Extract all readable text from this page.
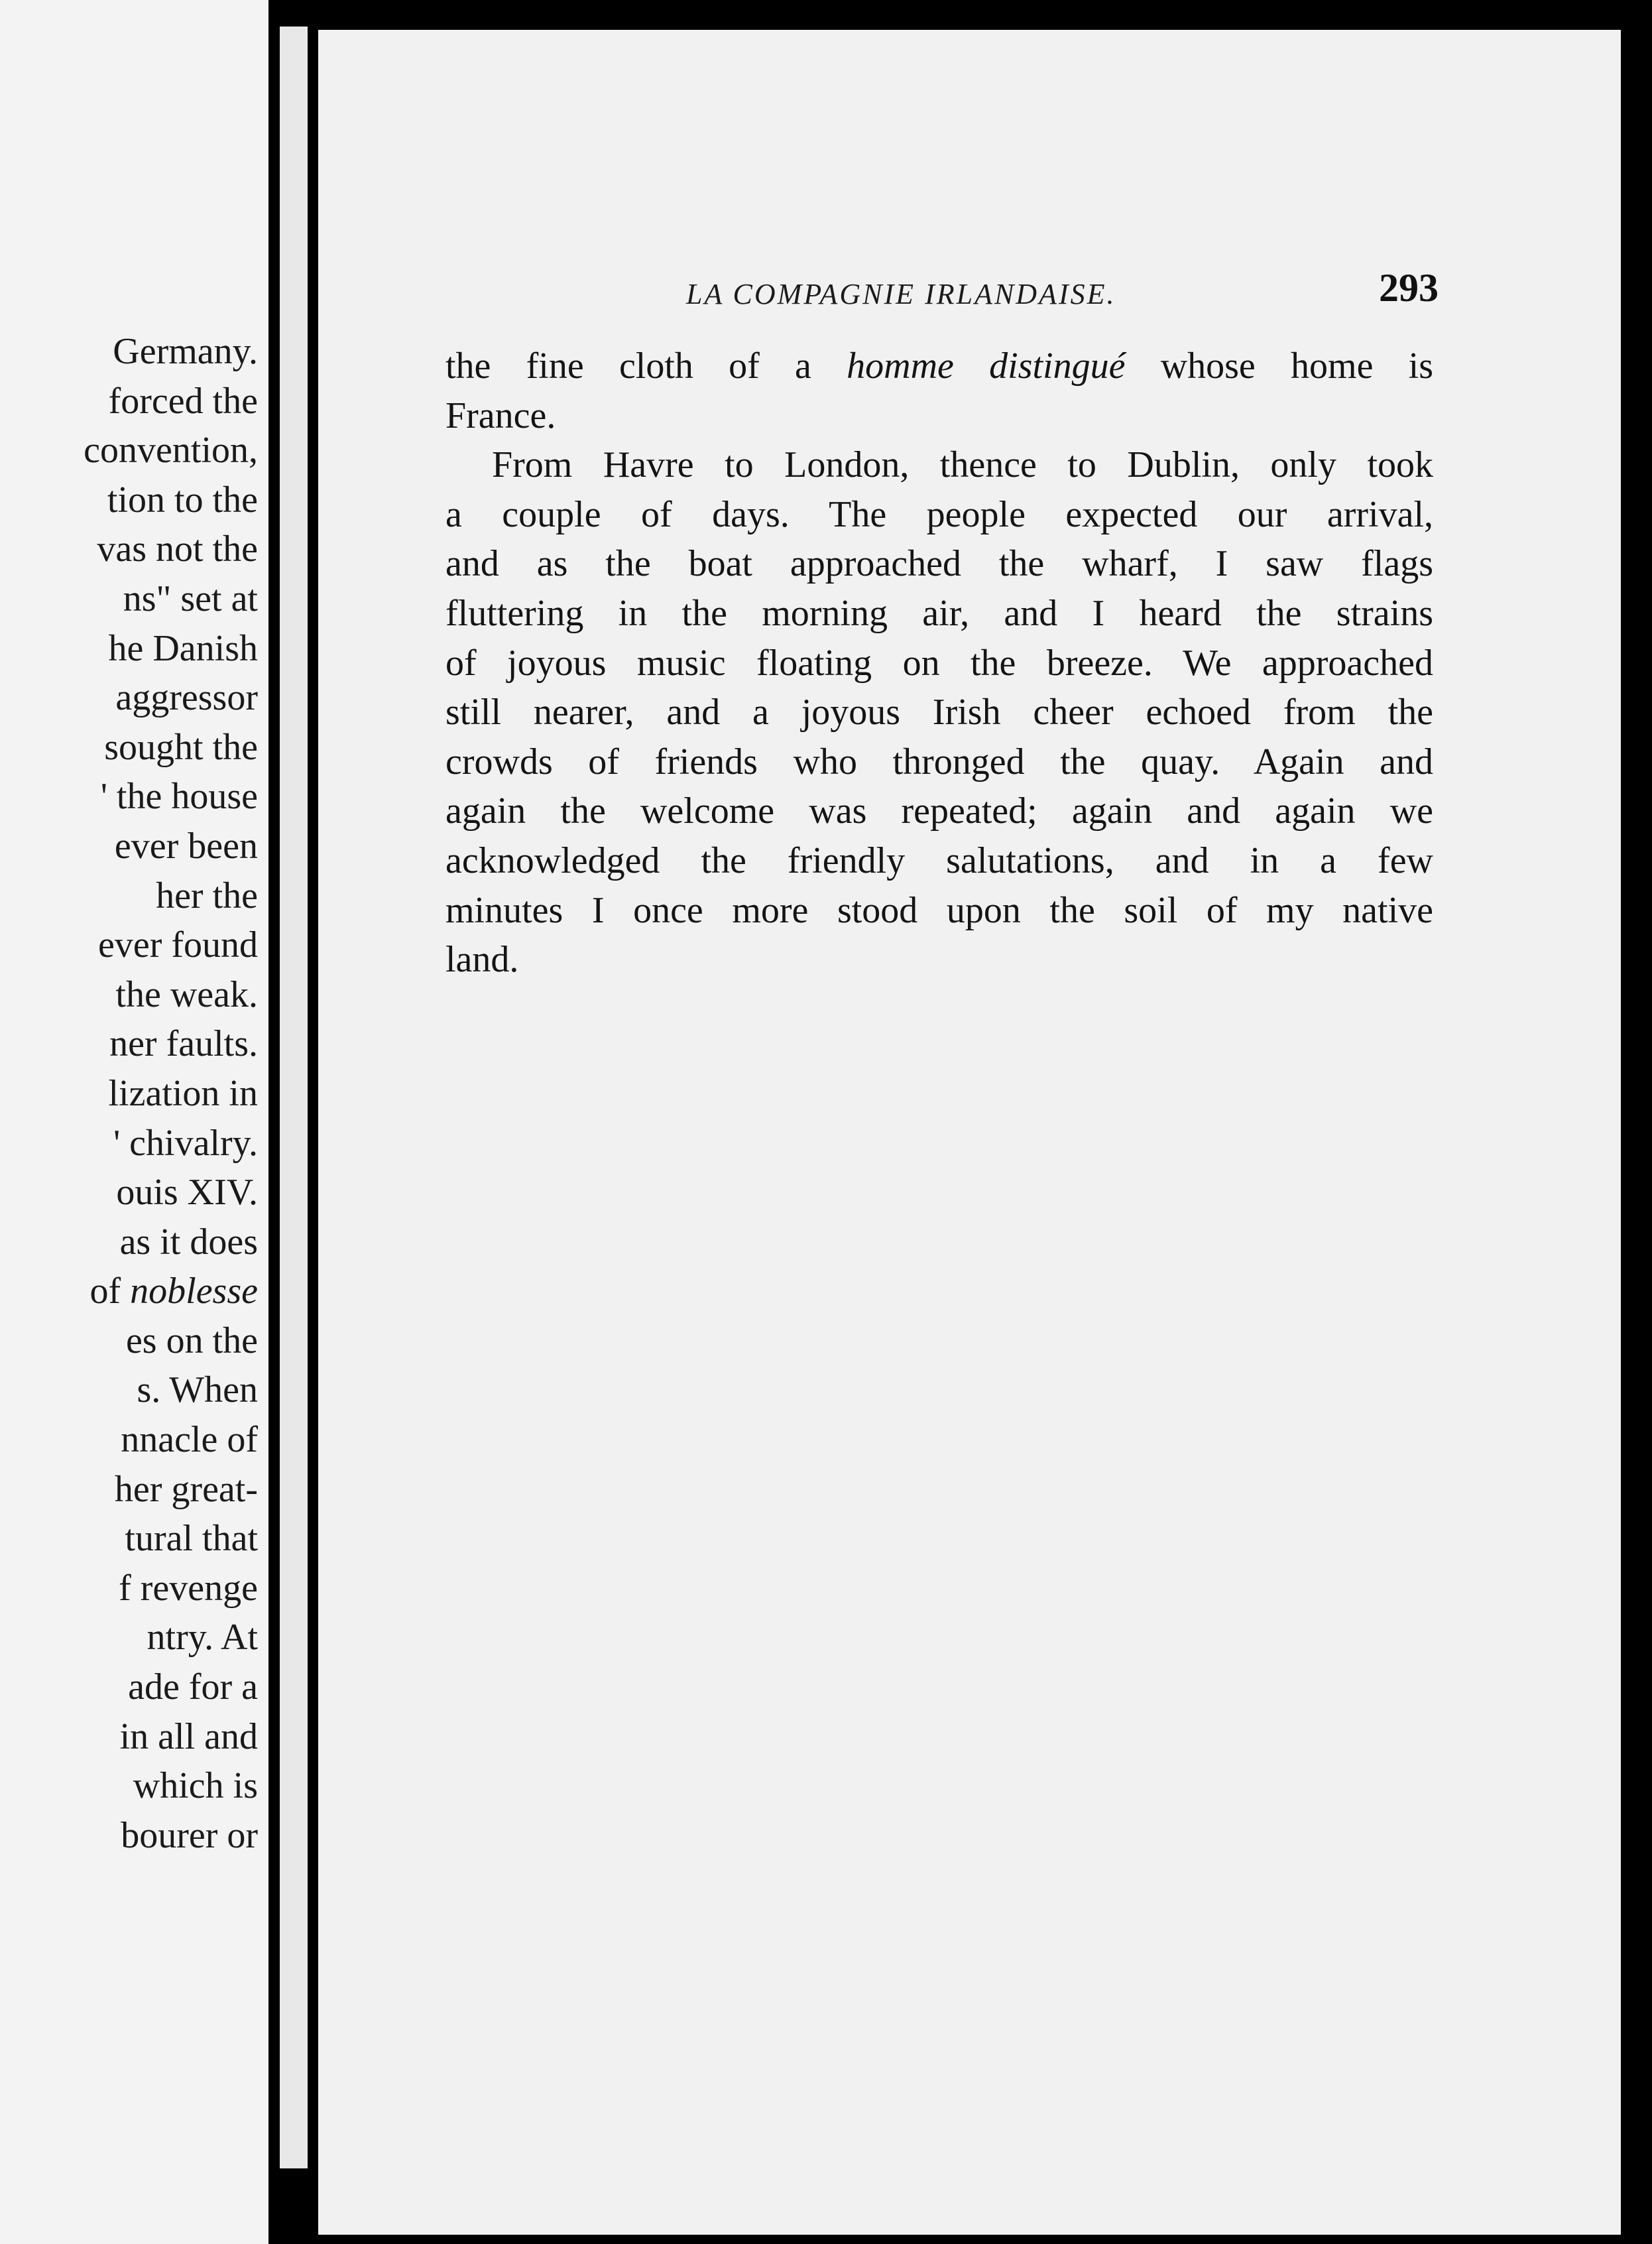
Germany.
forced the
convention,
tion to the
vas not the
ns" set at
he Danish
aggressor
sought the
' the house
ever been
her the
ever found
the weak.
ner faults.
lization in
' chivalry.
ouis XIV.
as it does
of noblesse
es on the
s. When
nnacle of
her great-
tural that
f revenge
ntry. At
ade for a
in all and
which is
bourer or
LA COMPAGNIE IRLANDAISE.	293
the fine cloth of a homme distingué whose home is
France.
From Havre to London, thence to Dublin, only took
a couple of days. The people expected our arrival,
and as the boat approached the wharf, I saw flags
fluttering in the morning air, and I heard the strains
of joyous music floating on the breeze. We approached
still nearer, and a joyous Irish cheer echoed from the
crowds of friends who thronged the quay. Again and
again the welcome was repeated; again and again we
acknowledged the friendly salutations, and in a few
minutes I once more stood upon the soil of my native
land.
